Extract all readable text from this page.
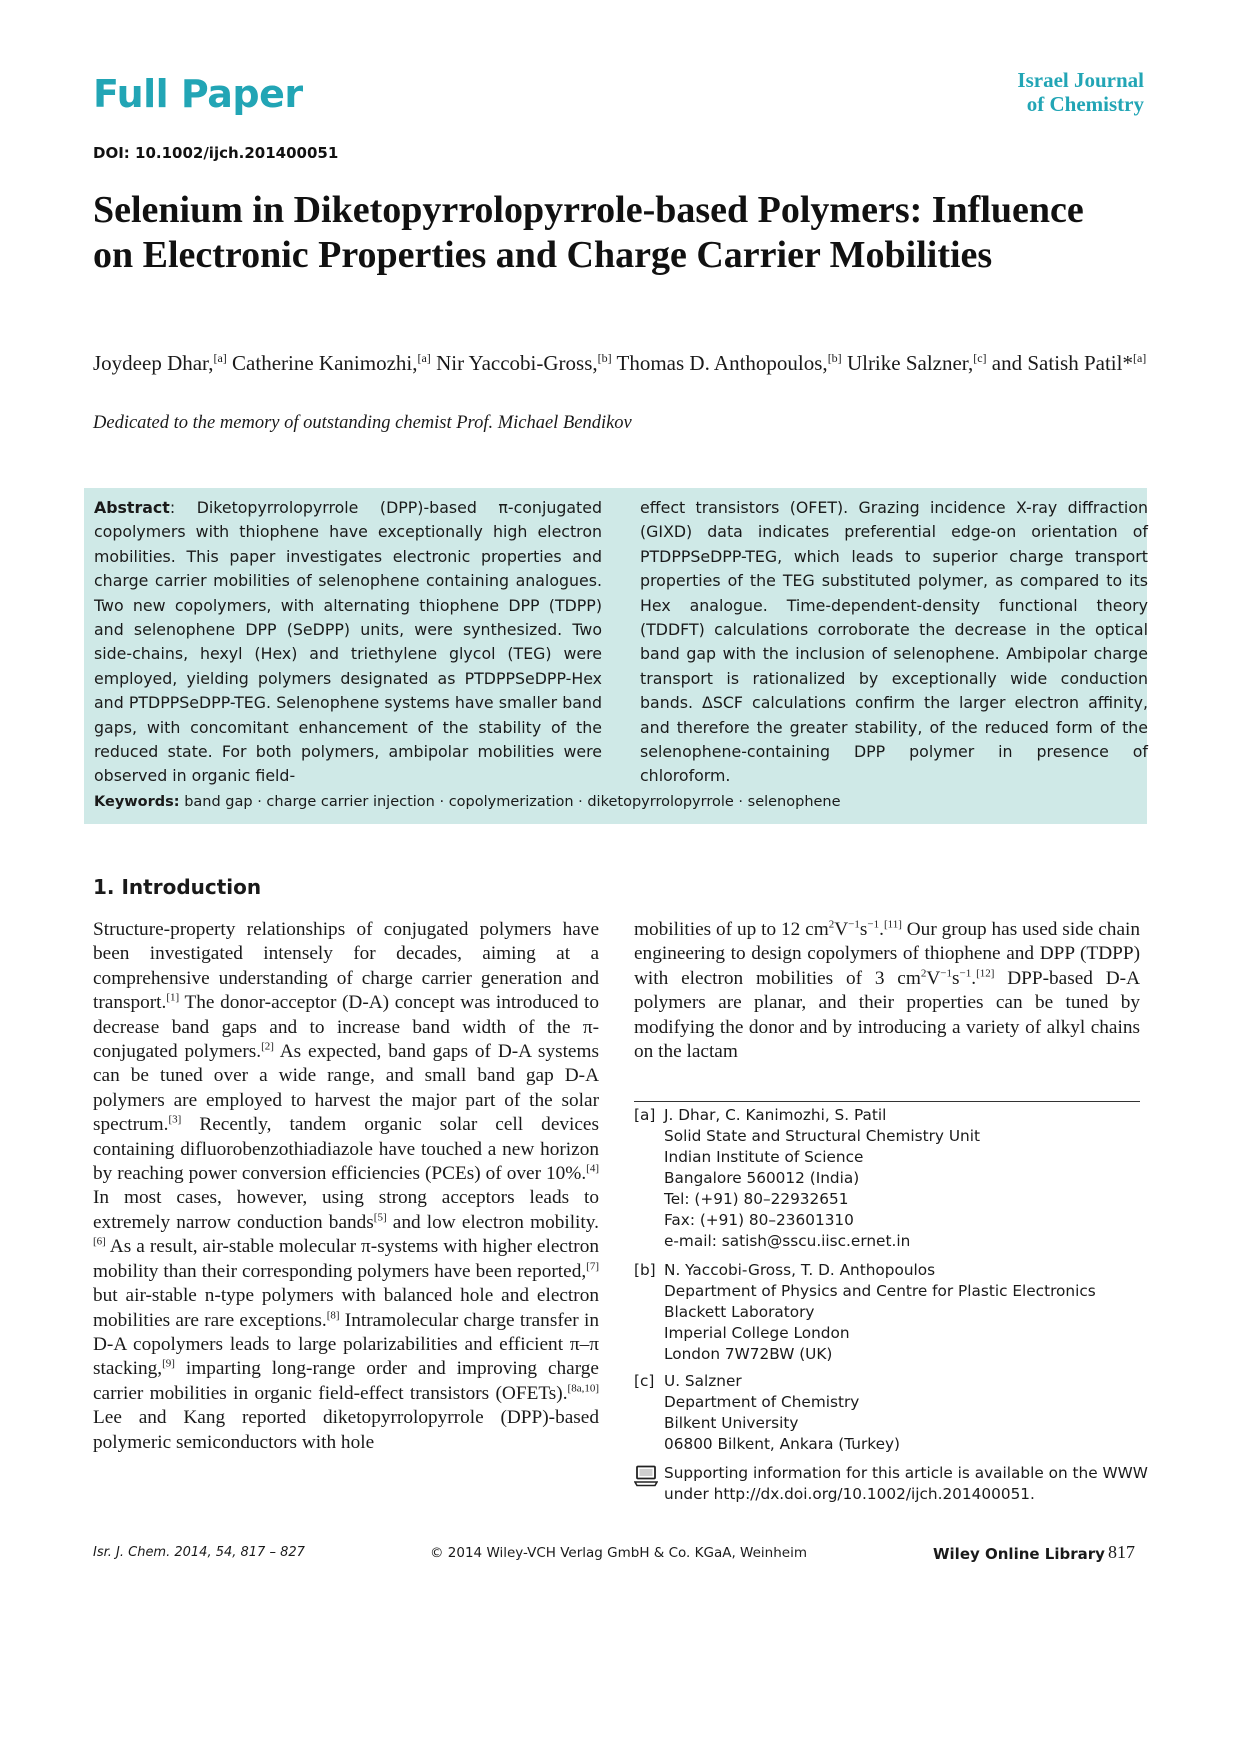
Full Paper	Israel Journal
of Chemistry
DOI: 10.1002/ijch.201400051
Selenium in Diketopyrrolopyrrole-based Polymers: Influence on Electronic Properties and Charge Carrier Mobilities
Joydeep Dhar,[a] Catherine Kanimozhi,[a] Nir Yaccobi-Gross,[b] Thomas D. Anthopoulos,[b] Ulrike Salzner,[c] and Satish Patil*[a]
Dedicated to the memory of outstanding chemist Prof. Michael Bendikov
Abstract: Diketopyrrolopyrrole (DPP)-based π-conjugated copolymers with thiophene have exceptionally high electron mobilities. This paper investigates electronic properties and charge carrier mobilities of selenophene containing analogues. Two new copolymers, with alternating thiophene DPP (TDPP) and selenophene DPP (SeDPP) units, were synthesized. Two side-chains, hexyl (Hex) and triethylene glycol (TEG) were employed, yielding polymers designated as PTDPPSeDPP-Hex and PTDPPSeDPP-TEG. Selenophene systems have smaller band gaps, with concomitant enhancement of the stability of the reduced state. For both polymers, ambipolar mobilities were observed in organic field-
effect transistors (OFET). Grazing incidence X-ray diffraction (GIXD) data indicates preferential edge-on orientation of PTDPPSeDPP-TEG, which leads to superior charge transport properties of the TEG substituted polymer, as compared to its Hex analogue. Time-dependent-density functional theory (TDDFT) calculations corroborate the decrease in the optical band gap with the inclusion of selenophene. Ambipolar charge transport is rationalized by exceptionally wide conduction bands. ΔSCF calculations confirm the larger electron affinity, and therefore the greater stability, of the reduced form of the selenophene-containing DPP polymer in presence of chloroform.
Keywords: band gap · charge carrier injection · copolymerization · diketopyrrolopyrrole · selenophene
1. Introduction
Structure-property relationships of conjugated polymers have been investigated intensely for decades, aiming at a comprehensive understanding of charge carrier generation and transport.[1] The donor-acceptor (D-A) concept was introduced to decrease band gaps and to increase band width of the π-conjugated polymers.[2] As expected, band gaps of D-A systems can be tuned over a wide range, and small band gap D-A polymers are employed to harvest the major part of the solar spectrum.[3] Recently, tandem organic solar cell devices containing difluorobenzothiadiazole have touched a new horizon by reaching power conversion efficiencies (PCEs) of over 10%.[4] In most cases, however, using strong acceptors leads to extremely narrow conduction bands[5] and low electron mobility.[6] As a result, air-stable molecular π-systems with higher electron mobility than their corresponding polymers have been reported,[7] but air-stable n-type polymers with balanced hole and electron mobilities are rare exceptions.[8] Intramolecular charge transfer in D-A copolymers leads to large polarizabilities and efficient π–π stacking,[9] imparting long-range order and improving charge carrier mobilities in organic field-effect transistors (OFETs).[8a,10] Lee and Kang reported diketopyrrolopyrrole (DPP)-based polymeric semiconductors with hole
mobilities of up to 12 $cm^2V^{-1}s^{-1}.[11]$ Our group has used side chain engineering to design copolymers of thiophene and DPP (TDPP) with electron mobilities of 3 $cm^2V^{-1}s^{-1}.[12]$ DPP-based D-A polymers are planar, and their properties can be tuned by modifying the donor and by introducing a variety of alkyl chains on the lactam
[a] J. Dhar, C. Kanimozhi, S. Patil
Solid State and Structural Chemistry Unit
Indian Institute of Science
Bangalore 560012 (India)
Tel: (+91) 80–22932651
Fax: (+91) 80–23601310
e-mail: satish@sscu.iisc.ernet.in
[b] N. Yaccobi-Gross, T. D. Anthopoulos
Department of Physics and Centre for Plastic Electronics
Blackett Laboratory
Imperial College London
London 7W72BW (UK)
[c] U. Salzner
Department of Chemistry
Bilkent University
06800 Bilkent, Ankara (Turkey)
Supporting information for this article is available on the WWW
under http://dx.doi.org/10.1002/ijch.201400051.
Isr. J. Chem. 2014, 54, 817 – 827	© 2014 Wiley-VCH Verlag GmbH & Co. KGaA, Weinheim	Wiley Online Library 817
